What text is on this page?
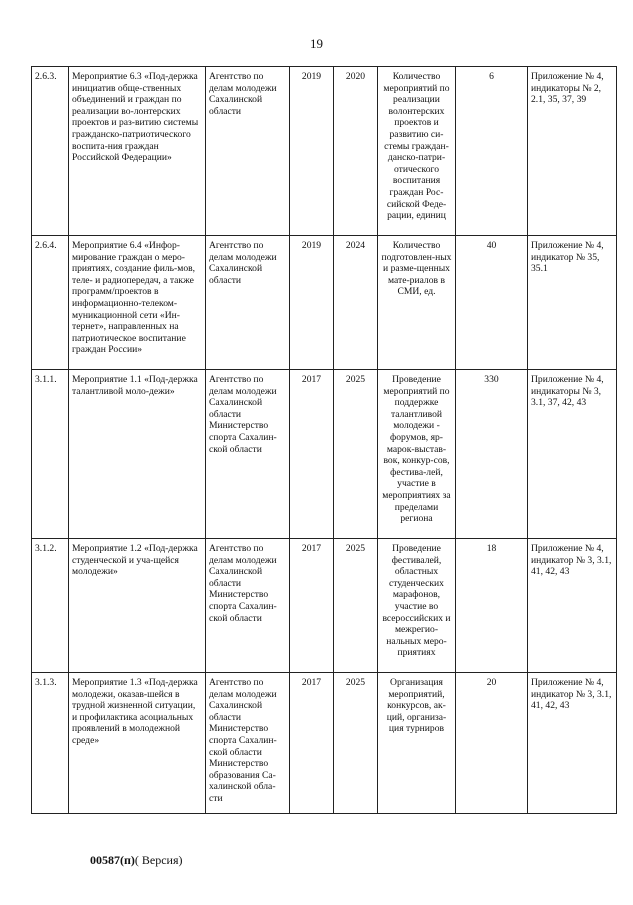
19
2.6.3.	Мероприятие 6.3 «Под-держка инициатив обще-ственных объединений и граждан по реализации во-лонтерских проектов и раз-витию системы гражданско-патриотического воспита-ния граждан Российской Федерации»	Агентство по делам молодежи Сахалинской области	2019	2020	Количество мероприятий по реализации волонтерских проектов и развитию си-стемы граждан-данско-патри-отического воспитания граждан Рос-сийской Феде-рации, единиц	6	Приложение № 4, индикаторы № 2, 2.1, 35, 37, 39
2.6.4.	Мероприятие 6.4 «Инфор-мирование граждан о меро-приятиях, создание филь-мов, теле- и радиопередач, а также программ/проектов в информационно-телеком-муникационной сети «Ин-тернет», направленных на патриотическое воспитание граждан России»	Агентство по делам молодежи Сахалинской области	2019	2024	Количество подготовлен-ных и разме-щенных мате-риалов в СМИ, ед.	40	Приложение № 4, индикатор № 35, 35.1
3.1.1.	Мероприятие 1.1 «Под-держка талантливой моло-дежи»	Агентство по делам молодежи Сахалинской области Министерство спорта Сахалин-ской области	2017	2025	Проведение мероприятий по поддержке талантливой молодежи - форумов, яр-марок-выстав-вок, конкур-сов, фестива-лей, участие в мероприятиях за пределами региона	330	Приложение № 4, индикаторы № 3, 3.1, 37, 42, 43
3.1.2.	Мероприятие 1.2 «Под-держка студенческой и уча-щейся молодежи»	Агентство по делам молодежи Сахалинской области Министерство спорта Сахалин-ской области	2017	2025	Проведение фестивалей, областных студенческих марафонов, участие во всероссийских и межрегио-нальных меро-приятиях	18	Приложение № 4, индикатор № 3, 3.1, 41, 42, 43
3.1.3.	Мероприятие 1.3 «Под-держка молодежи, оказав-шейся в трудной жизненной ситуации, и профилактика асоциальных проявлений в молодежной среде»	Агентство по делам молодежи Сахалинской области Министерство спорта Сахалин-ской области Министерство образования Са-халинской обла-сти	2017	2025	Организация мероприятий, конкурсов, ак-ций, организа-ция турниров	20	Приложение № 4, индикатор № 3, 3.1, 41, 42, 43
00587(п)( Версия)
